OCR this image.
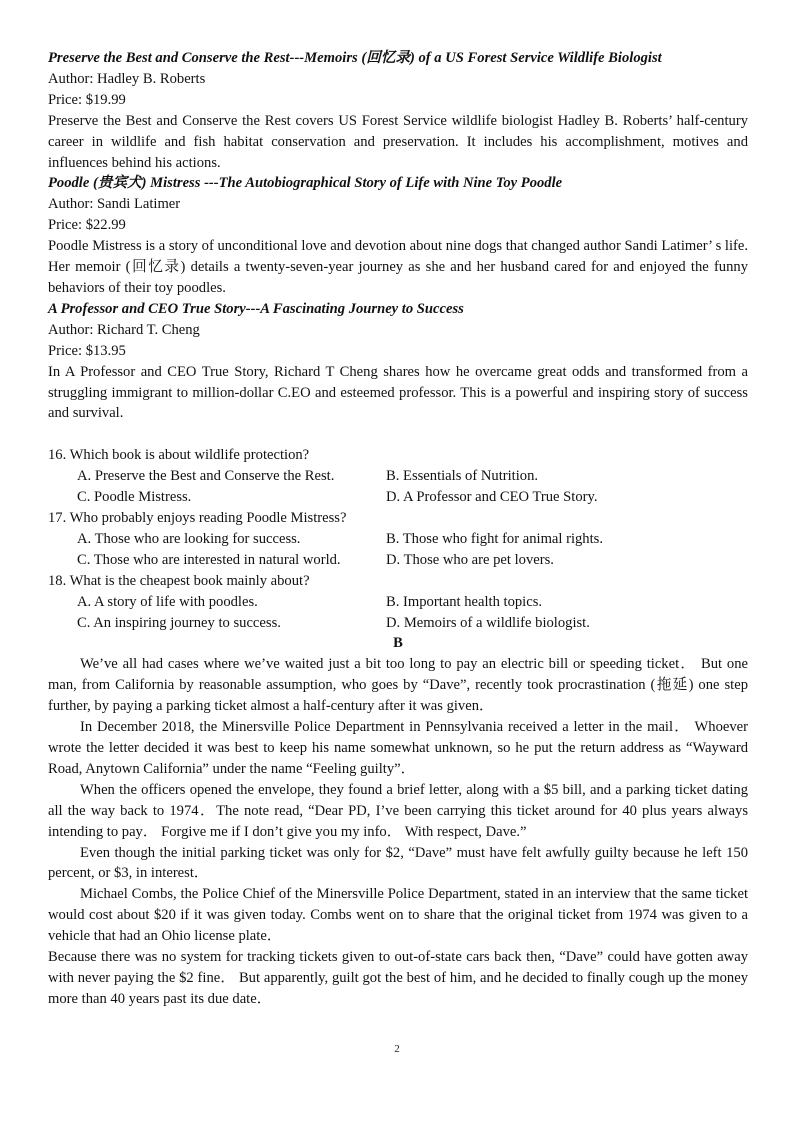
Preserve the Best and Conserve the Rest---Memoirs (回忆录) of a US Forest Service Wildlife Biologist

Author: Hadley B. Roberts

Price: $19.99

Preserve the Best and Conserve the Rest covers US Forest Service wildlife biologist Hadley B. Roberts’ half-century career in wildlife and fish habitat conservation and preservation. It includes his accomplishment, motives and influences behind his actions.

Poodle (贵宾犬) Mistress ---The Autobiographical Story of Life with Nine Toy Poodle

Author: Sandi Latimer

Price: $22.99

Poodle Mistress is a story of unconditional love and devotion about nine dogs that changed author Sandi Latimer’ s life. Her memoir (回忆录) details a twenty-seven-year journey as she and her husband cared for and enjoyed the funny behaviors of their toy poodles.

A Professor and CEO True Story---A Fascinating Journey to Success

Author: Richard T. Cheng

Price: $13.95

In A Professor and CEO True Story, Richard T Cheng shares how he overcame great odds and transformed from a struggling immigrant to million-dollar C.EO and esteemed professor. This is a powerful and inspiring story of success and survival.

16. Which book is about wildlife protection?

A. Preserve the Best and Conserve the Rest.	B. Essentials of Nutrition.
C. Poodle Mistress.	D. A Professor and CEO True Story.

17. Who probably enjoys reading Poodle Mistress?

A. Those who are looking for success.	B. Those who fight for animal rights.
C. Those who are interested in natural world.	D. Those who are pet lovers.

18. What is the cheapest book mainly about?

A. A story of life with poodles.	B. Important health topics.
C. An inspiring journey to success.	D. Memoirs of a wildlife biologist.

B

We’ve all had cases where we’ve waited just a bit too long to pay an electric bill or speeding ticket． But one man, from California by reasonable assumption, who goes by “Dave”, recently took procrastination (拖延) one step further, by paying a parking ticket almost a half-century after it was given．

In December 2018, the Minersville Police Department in Pennsylvania received a letter in the mail． Whoever wrote the letter decided it was best to keep his name somewhat unknown, so he put the return address as “Wayward Road, Anytown California” under the name “Feeling guilty”．

When the officers opened the envelope, they found a brief letter, along with a $5 bill, and a parking ticket dating all the way back to 1974．The note read, “Dear PD, I’ve been carrying this ticket around for 40 plus years always intending to pay． Forgive me if I don’t give you my info． With respect, Dave.”

Even though the initial parking ticket was only for $2, “Dave” must have felt awfully guilty because he left 150 percent, or $3, in interest．

Michael Combs, the Police Chief of the Minersville Police Department, stated in an interview that the same ticket would cost about $20 if it was given today. Combs went on to share that the original ticket from 1974 was given to a vehicle that had an Ohio license plate．

Because there was no system for tracking tickets given to out-of-state cars back then, “Dave” could have gotten away with never paying the $2 fine． But apparently, guilt got the best of him, and he decided to finally cough up the money more than 40 years past its due date．

2
